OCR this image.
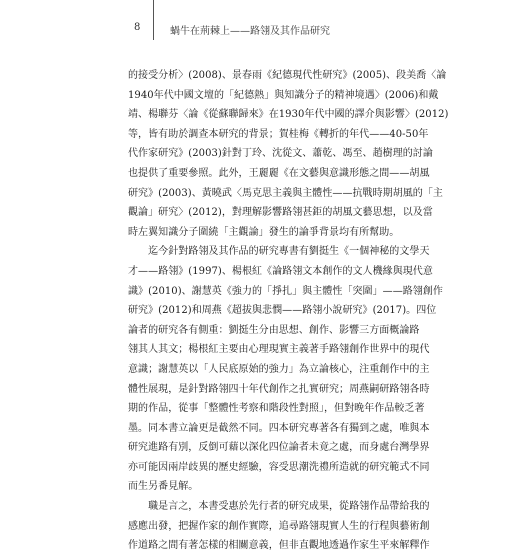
8	蝸牛在荊棘上——路翎及其作品研究
的接受分析〉(2008)、景春雨《紀德現代性研究》(2005)、段美喬〈論
1940年代中國文壇的「紀德熱」與知識分子的精神境遇〉(2006)和戴
靖、楊聯芬〈論《從蘇聯歸來》在1930年代中國的譯介與影響〉(2012)
等，皆有助於調查本研究的背景；賀桂梅《轉折的年代——40-50年
代作家研究》(2003)針對丁玲、沈從文、蕭乾、馮至、趙樹理的討論
也提供了重要參照。此外，王麗麗《在文藝與意識形態之間——胡風
研究》(2003)、黃曉武〈馬克思主義與主體性——抗戰時期胡風的「主
觀論」研究〉(2012)，對理解影響路翎甚鉅的胡風文藝思想，以及當
時左翼知識分子圍繞「主觀論」發生的論爭背景均有所幫助。
　　迄今針對路翎及其作品的研究專書有劉挺生《一個神秘的文學天
才——路翎》(1997)、楊根紅《論路翎文本創作的文人機緣與現代意
識》(2010)、謝慧英《強力的「掙扎」與主體性「突圍」——路翎創作
研究》(2012)和周燕《超拔與悲憫——路翎小說研究》(2017)。四位
論者的研究各有側重：劉挺生分由思想、創作、影響三方面概論路
翎其人其文；楊根紅主要由心理現實主義著手路翎創作世界中的現代
意識；謝慧英以「人民底原始的強力」為立論核心，注重創作中的主
體性展現，是針對路翎四十年代創作之扎實研究；周燕嗣研路翎各時
期的作品，從事「整體性考察和階段性對照」，但對晚年作品較乏著
墨。同本書立論更是截然不同。四本研究專著各有獨到之處，唯與本
研究進路有別，反倒可藉以深化四位論者未竟之處，而身處台灣學界
亦可能因兩岸歧異的歷史經驗，容受思潮洗禮所造就的研究範式不同
而生另番見解。
　　職是言之，本書受惠於先行者的研究成果，從路翎作品帶給我的
感應出發，把握作家的創作實際，追尋路翎現實人生的行程與藝術創
作道路之間有著怎樣的相關意義，但非直觀地透過作家生平來解釋作
